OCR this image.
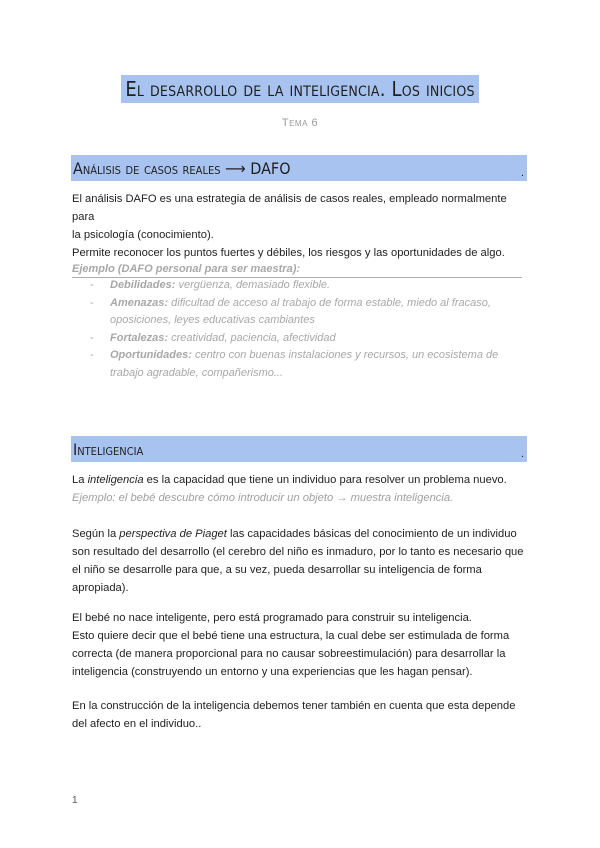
El desarrollo de la inteligencia. Los inicios
Tema 6
Análisis de casos reales ⟶ DAFO	.

El análisis DAFO es una estrategia de análisis de casos reales, empleado normalmente para
la psicología (conocimiento).
Permite reconocer los puntos fuertes y débiles, los riesgos y las oportunidades de algo.

Ejemplo (DAFO personal para ser maestra):
- Debilidades: vergüenza, demasiado flexible.
- Amenazas: dificultad de acceso al trabajo de forma estable, miedo al fracaso, oposiciones, leyes educativas cambiantes
- Fortalezas: creatividad, paciencia, afectividad
- Oportunidades: centro con buenas instalaciones y recursos, un ecosistema de trabajo agradable, compañerismo...
Inteligencia	.

La inteligencia es la capacidad que tiene un individuo para resolver un problema nuevo.
Ejemplo: el bebé descubre cómo introducir un objeto → muestra inteligencia.

Según la perspectiva de Piaget las capacidades básicas del conocimiento de un individuo son resultado del desarrollo (el cerebro del niño es inmaduro, por lo tanto es necesario que el niño se desarrolle para que, a su vez, pueda desarrollar su inteligencia de forma apropiada).

El bebé no nace inteligente, pero está programado para construir su inteligencia.
Esto quiere decir que el bebé tiene una estructura, la cual debe ser estimulada de forma correcta (de manera proporcional para no causar sobreestimulación) para desarrollar la inteligencia (construyendo un entorno y una experiencias que les hagan pensar).

En la construcción de la inteligencia debemos tener también en cuenta que esta depende del afecto en el individuo..

1
